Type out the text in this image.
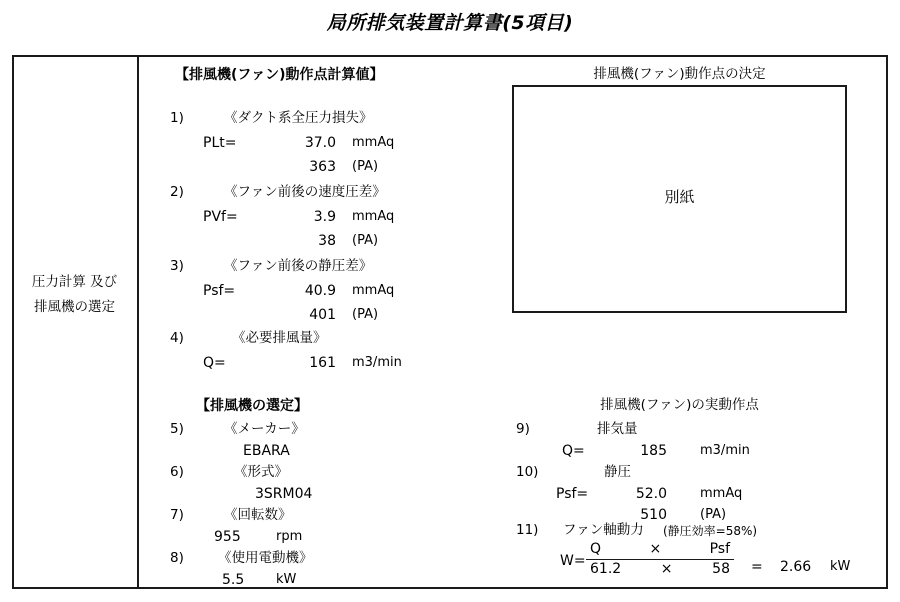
局所排気装置計算書(5項目)
圧力計算 及び
排風機の選定
【排風機(ファン)動作点計算値】
1)	《ダクト系全圧力損失》
PLt=	37.0 mmAq
363 (PA)
2)	《ファン前後の速度圧差》
PVf=	3.9 mmAq
38 (PA)
3)	《ファン前後の静圧差》
Psf=	40.9 mmAq
401 (PA)
4)	《必要排風量》
Q=	161 m3/min
【排風機の選定】
5)	《メーカー》
EBARA
6)	《形式》
3SRM04
7)	《回転数》
955	rpm
8)	《使用電動機》
5.5 kW
排風機(ファン)動作点の決定
別紙
排風機(ファン)の実動作点
9)	排気量
Q=	185	m3/min
10)	静圧
Psf=	52.0	mmAq
510	(PA)
11) ファン軸動力 (静圧効率=58%)
W=
Q	×	Psf
61.2	×	58 = 2.66 kW
